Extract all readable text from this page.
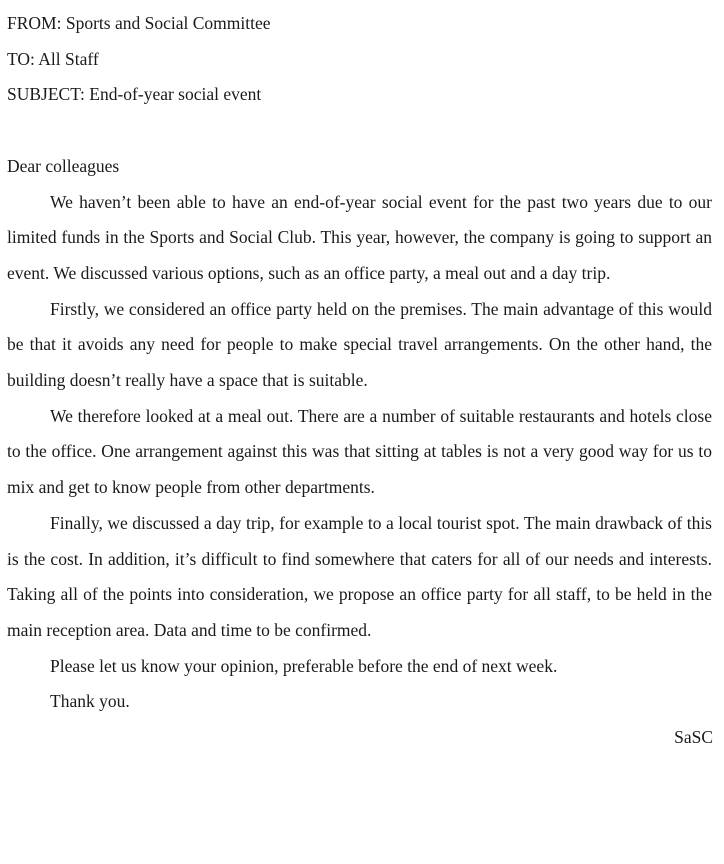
FROM: Sports and Social Committee
TO: All Staff
SUBJECT: End-of-year social event
Dear colleagues

We haven’t been able to have an end-of-year social event for the past two years due to our limited funds in the Sports and Social Club. This year, however, the company is going to support an event. We discussed various options, such as an office party, a meal out and a day trip.

Firstly, we considered an office party held on the premises. The main advantage of this would be that it avoids any need for people to make special travel arrangements. On the other hand, the building doesn’t really have a space that is suitable.

We therefore looked at a meal out. There are a number of suitable restaurants and hotels close to the office. One arrangement against this was that sitting at tables is not a very good way for us to mix and get to know people from other departments.

Finally, we discussed a day trip, for example to a local tourist spot. The main drawback of this is the cost. In addition, it’s difficult to find somewhere that caters for all of our needs and interests. Taking all of the points into consideration, we propose an office party for all staff, to be held in the main reception area. Data and time to be confirmed.

Please let us know your opinion, preferable before the end of next week.

Thank you.

SaSC
